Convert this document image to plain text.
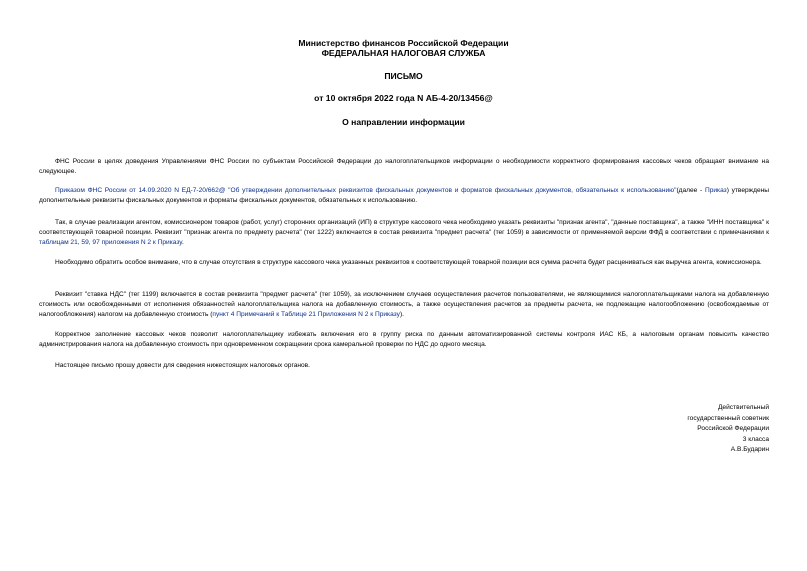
Министерство финансов Российской Федерации
ФЕДЕРАЛЬНАЯ НАЛОГОВАЯ СЛУЖБА
ПИСЬМО
от 10 октября 2022 года N АБ-4-20/13456@
О направлении информации
ФНС России в целях доведения Управлениями ФНС России по субъектам Российской Федерации до налогоплательщиков информации о необходимости корректного формирования кассовых чеков обращает внимание на следующее.
Приказом ФНС России от 14.09.2020 N ЕД-7-20/662@ "Об утверждении дополнительных реквизитов фискальных документов и форматов фискальных документов, обязательных к использованию"(далее - Приказ) утверждены дополнительные реквизиты фискальных документов и форматы фискальных документов, обязательных к использованию.
Так, в случае реализации агентом, комиссионером товаров (работ, услуг) сторонних организаций (ИП) в структуре кассового чека необходимо указать реквизиты "признак агента", "данные поставщика", а также "ИНН поставщика" к соответствующей товарной позиции. Реквизит "признак агента по предмету расчета" (тег 1222) включается в состав реквизита "предмет расчета" (тег 1059) в зависимости от применяемой версии ФФД в соответствии с примечаниями к таблицам 21, 59, 97 приложения N 2 к Приказу.
Необходимо обратить особое внимание, что в случае отсутствия в структуре кассового чека указанных реквизитов к соответствующей товарной позиции вся сумма расчета будет расцениваться как выручка агента, комиссионера.
Реквизит "ставка НДС" (тег 1199) включается в состав реквизита "предмет расчета" (тег 1059), за исключением случаев осуществления расчетов пользователями, не являющимися налогоплательщиками налога на добавленную стоимость или освобожденными от исполнения обязанностей налогоплательщика налога на добавленную стоимость, а также осуществления расчетов за предметы расчета, не подлежащие налогообложению (освобождаемые от налогообложения) налогом на добавленную стоимость (пункт 4 Примечаний к Таблице 21 Приложения N 2 к Приказу).
Корректное заполнение кассовых чеков позволит налогоплательщику избежать включения его в группу риска по данным автоматизированной системы контроля ИАС КБ, а налоговым органам повысить качество администрирования налога на добавленную стоимость при одновременном сокращении срока камеральной проверки по НДС до одного месяца.
Настоящее письмо прошу довести для сведения нижестоящих налоговых органов.
Действительный
государственный советник
Российской Федерации
3 класса
А.В.Бударин
